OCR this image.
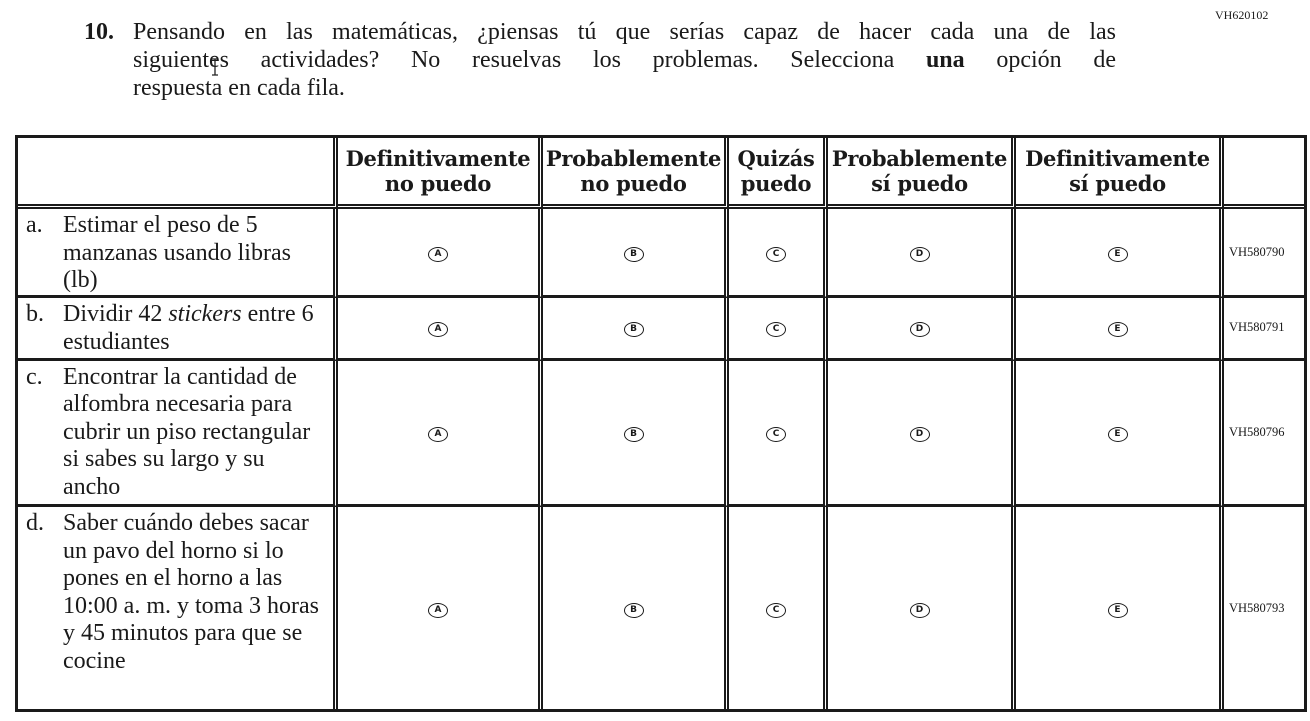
VH620102
10. Pensando en las matemáticas, ¿piensas tú que serías capaz de hacer cada una de las
siguientes actividades? No resuelvas los problemas. Selecciona una opción de
respuesta en cada fila.

	Definitivamente
no puedo	Probablemente
no puedo	Quizás
puedo	Probablemente
sí puedo	Definitivamente
sí puedo	

a. Estimar el peso de 5 manzanas usando libras (lb)	A	B	C	D	E	VH580790

b. Dividir 42 stickers entre 6 estudiantes	A	B	C	D	E	VH580791

c. Encontrar la cantidad de alfombra necesaria para cubrir un piso rectangular si sabes su largo y su ancho	A	B	C	D	E	VH580796

d. Saber cuándo debes sacar un pavo del horno si lo pones en el horno a las 10:00 a. m. y toma 3 horas y 45 minutos para que se cocine	A	B	C	D	E	VH580793
